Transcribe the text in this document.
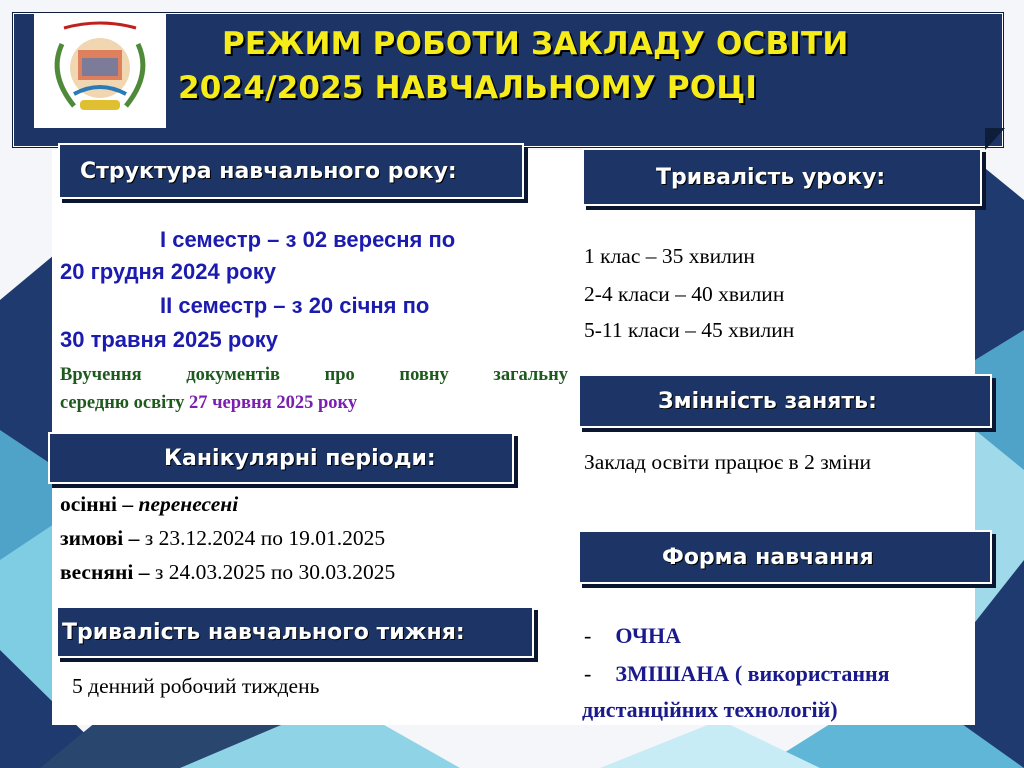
РЕЖИМ РОБОТИ ЗАКЛАДУ ОСВІТИ
2024/2025 НАВЧАЛЬНОМУ РОЦІ
Структура навчального року:
І семестр – з 02 вересня по
20 грудня 2024 року
ІІ семестр – з 20 січня по
30 травня 2025 року
Вручення документів про повну загальну
середню освіту 27 червня 2025 року
Канікулярні періоди:
осінні – перенесені
зимові – з 23.12.2024 по 19.01.2025
весняні – з 24.03.2025 по 30.03.2025
Тривалість навчального тижня:
5 денний робочий тиждень
Тривалість уроку:
1 клас – 35 хвилин
2-4 класи – 40 хвилин
5-11 класи – 45 хвилин
Змінність занять:
Заклад освіти працює в 2 зміни
Форма навчання
- ОЧНА
- ЗМІШАНА ( використання
дистанційних технологій)
